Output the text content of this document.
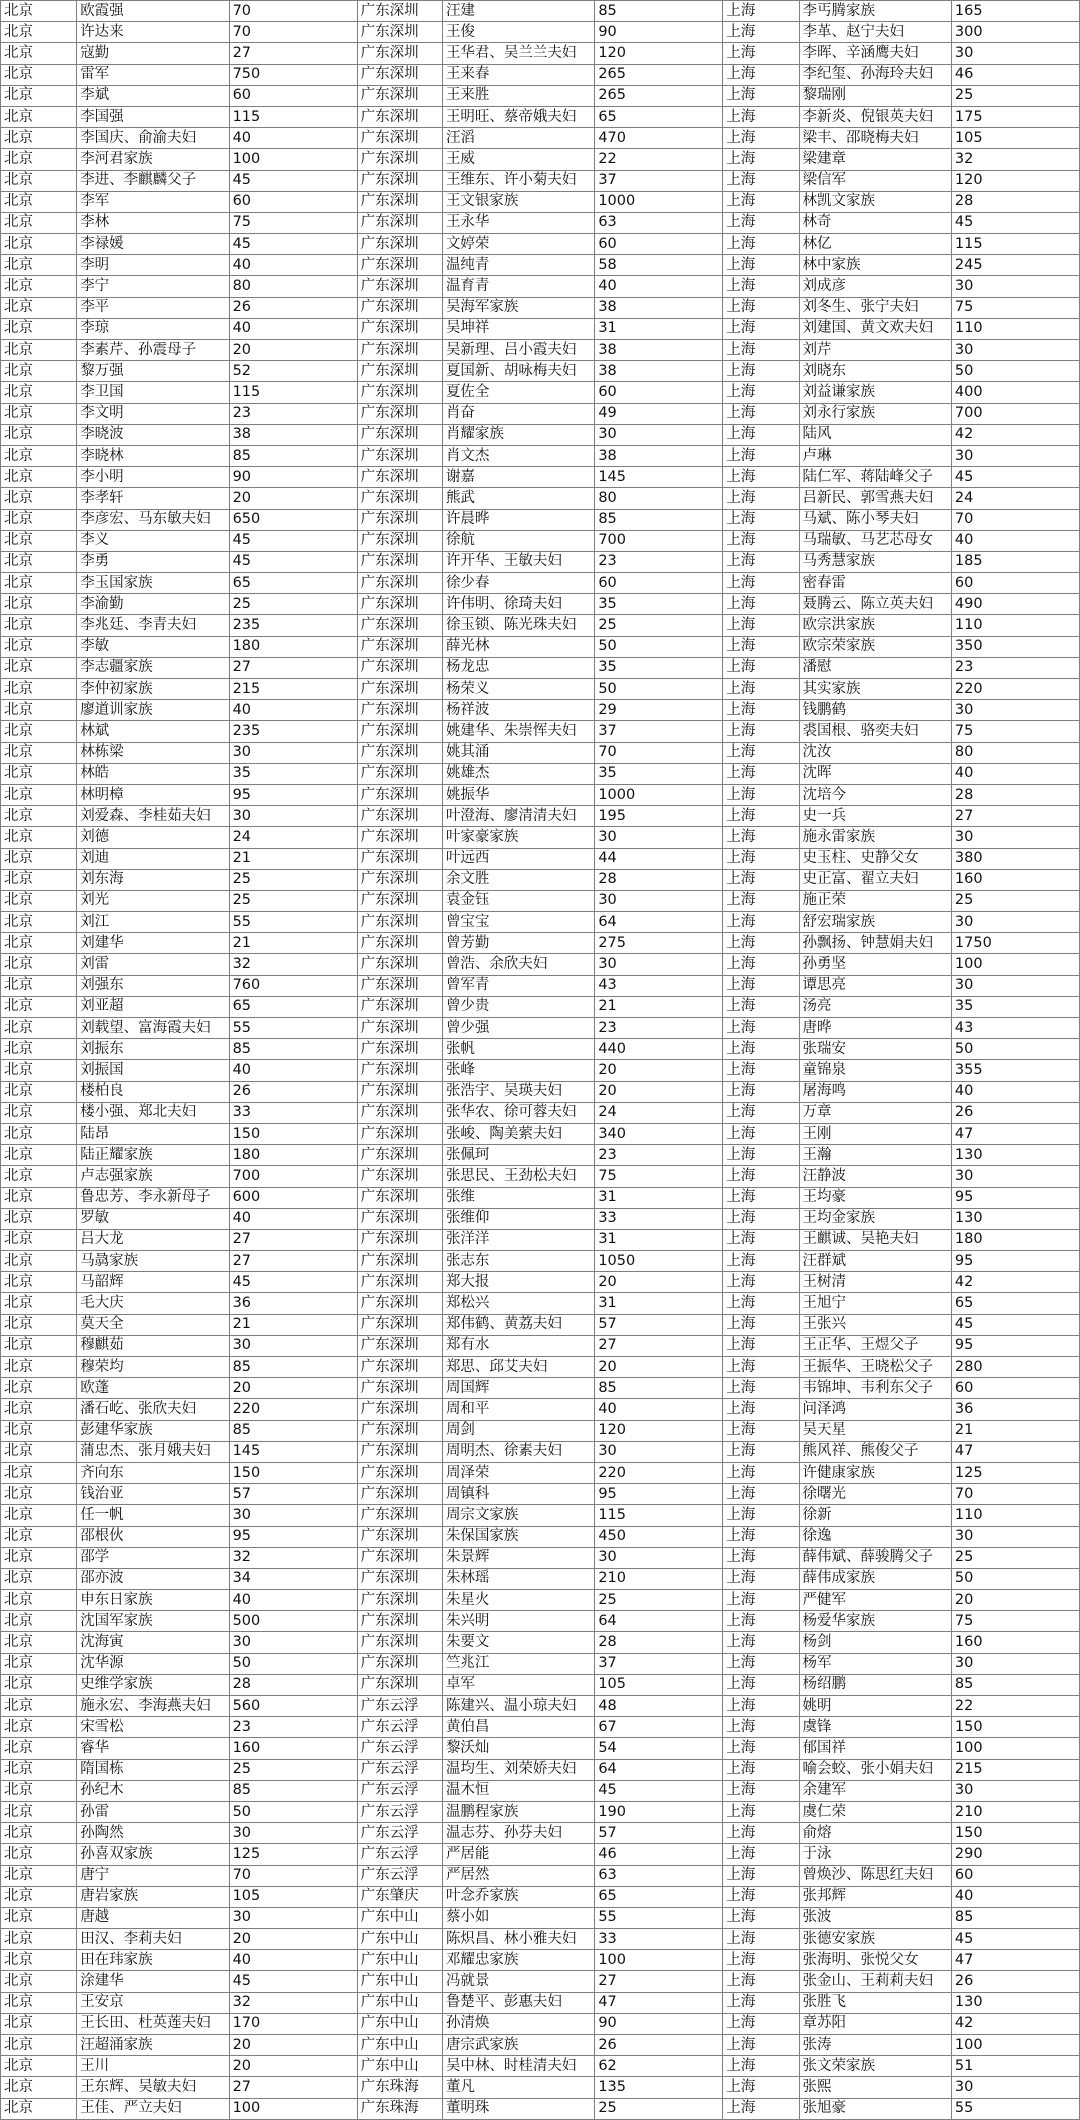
北京	欧霞强	70	广东深圳	汪建	85	上海	李丐腾家族	165
北京	许达来	70	广东深圳	王俊	90	上海	李革、赵宁夫妇	300
北京	寇勤	27	广东深圳	王华君、吴兰兰夫妇	120	上海	李晖、辛涵鹰夫妇	30
北京	雷军	750	广东深圳	王来春	265	上海	李纪玺、孙海玲夫妇	46
北京	李斌	60	广东深圳	王来胜	265	上海	黎瑞刚	25
北京	李国强	115	广东深圳	王明旺、蔡帝娥夫妇	65	上海	李新炎、倪银英夫妇	175
北京	李国庆、俞渝夫妇	40	广东深圳	汪滔	470	上海	梁丰、邵晓梅夫妇	105
北京	李河君家族	100	广东深圳	王威	22	上海	梁建章	32
北京	李进、李麒麟父子	45	广东深圳	王维东、许小菊夫妇	37	上海	梁信军	120
北京	李军	60	广东深圳	王文银家族	1000	上海	林凯文家族	28
北京	李林	75	广东深圳	王永华	63	上海	林奇	45
北京	李禄媛	45	广东深圳	文婷荣	60	上海	林亿	115
北京	李明	40	广东深圳	温纯青	58	上海	林中家族	245
北京	李宁	80	广东深圳	温育青	40	上海	刘成彦	30
北京	李平	26	广东深圳	吴海军家族	38	上海	刘冬生、张宁夫妇	75
北京	李琼	40	广东深圳	吴坤祥	31	上海	刘建国、黄文欢夫妇	110
北京	李素芹、孙震母子	20	广东深圳	吴新理、吕小霞夫妇	38	上海	刘芹	30
北京	黎万强	52	广东深圳	夏国新、胡咏梅夫妇	38	上海	刘晓东	50
北京	李卫国	115	广东深圳	夏佐全	60	上海	刘益谦家族	400
北京	李文明	23	广东深圳	肖奋	49	上海	刘永行家族	700
北京	李晓波	38	广东深圳	肖耀家族	30	上海	陆风	42
北京	李晓林	85	广东深圳	肖文杰	38	上海	卢琳	30
北京	李小明	90	广东深圳	谢嘉	145	上海	陆仁军、蒋陆峰父子	45
北京	李孝轩	20	广东深圳	熊武	80	上海	吕新民、郭雪燕夫妇	24
北京	李彦宏、马东敏夫妇	650	广东深圳	许晨晔	85	上海	马斌、陈小琴夫妇	70
北京	李义	45	广东深圳	徐航	700	上海	马瑞敏、马艺芯母女	40
北京	李勇	45	广东深圳	许开华、王敏夫妇	23	上海	马秀慧家族	185
北京	李玉国家族	65	广东深圳	徐少春	60	上海	密春雷	60
北京	李渝勤	25	广东深圳	许伟明、徐琦夫妇	35	上海	聂腾云、陈立英夫妇	490
北京	李兆廷、李青夫妇	235	广东深圳	徐玉锁、陈光珠夫妇	25	上海	欧宗洪家族	110
北京	李敏	180	广东深圳	薛光林	50	上海	欧宗荣家族	350
北京	李志疆家族	27	广东深圳	杨龙忠	35	上海	潘慰	23
北京	李仲初家族	215	广东深圳	杨荣义	50	上海	其实家族	220
北京	廖道训家族	40	广东深圳	杨祥波	29	上海	钱鹏鹤	30
北京	林斌	235	广东深圳	姚建华、朱崇恽夫妇	37	上海	裘国根、骆奕夫妇	75
北京	林栋梁	30	广东深圳	姚其涌	70	上海	沈汝	80
北京	林皓	35	广东深圳	姚雄杰	35	上海	沈晖	40
北京	林明樟	95	广东深圳	姚振华	1000	上海	沈培今	28
北京	刘爱森、李桂茹夫妇	30	广东深圳	叶澄海、廖清清夫妇	195	上海	史一兵	27
北京	刘德	24	广东深圳	叶家豪家族	30	上海	施永雷家族	30
北京	刘迪	21	广东深圳	叶远西	44	上海	史玉柱、史静父女	380
北京	刘东海	25	广东深圳	余文胜	28	上海	史正富、翟立夫妇	160
北京	刘光	25	广东深圳	袁金钰	30	上海	施正荣	25
北京	刘江	55	广东深圳	曾宝宝	64	上海	舒宏瑞家族	30
北京	刘建华	21	广东深圳	曾芳勤	275	上海	孙飘扬、钟慧娟夫妇	1750
北京	刘雷	32	广东深圳	曾浩、余欣夫妇	30	上海	孙勇坚	100
北京	刘强东	760	广东深圳	曾军青	43	上海	谭思亮	30
北京	刘亚超	65	广东深圳	曾少贵	21	上海	汤亮	35
北京	刘载望、富海霞夫妇	55	广东深圳	曾少强	23	上海	唐晔	43
北京	刘振东	85	广东深圳	张帆	440	上海	张瑞安	50
北京	刘振国	40	广东深圳	张峰	20	上海	童锦泉	355
北京	楼柏良	26	广东深圳	张浩宇、吴瑛夫妇	20	上海	屠海鸣	40
北京	楼小强、郑北夫妇	33	广东深圳	张华农、徐可蓉夫妇	24	上海	万章	26
北京	陆昂	150	广东深圳	张峻、陶美萦夫妇	340	上海	王刚	47
北京	陆正耀家族	180	广东深圳	张佩珂	23	上海	王瀚	130
北京	卢志强家族	700	广东深圳	张思民、王劲松夫妇	75	上海	汪静波	30
北京	鲁忠芳、李永新母子	600	广东深圳	张维	31	上海	王均豪	95
北京	罗敏	40	广东深圳	张维仰	33	上海	王均金家族	130
北京	吕大龙	27	广东深圳	张洋洋	31	上海	王麒诚、吴艳夫妇	180
北京	马骉家族	27	广东深圳	张志东	1050	上海	汪群斌	95
北京	马韶辉	45	广东深圳	郑大报	20	上海	王树清	42
北京	毛大庆	36	广东深圳	郑松兴	31	上海	王旭宁	65
北京	莫天全	21	广东深圳	郑伟鹤、黄荔夫妇	57	上海	王张兴	45
北京	穆麒茹	30	广东深圳	郑有水	27	上海	王正华、王煜父子	95
北京	穆荣均	85	广东深圳	郑思、邱艾夫妇	20	上海	王振华、王晓松父子	280
北京	欧蓬	20	广东深圳	周国辉	85	上海	韦锦坤、韦利东父子	60
北京	潘石屹、张欣夫妇	220	广东深圳	周和平	40	上海	问泽鸿	36
北京	彭建华家族	85	广东深圳	周剑	120	上海	吴天星	21
北京	蒲忠杰、张月娥夫妇	145	广东深圳	周明杰、徐素夫妇	30	上海	熊风祥、熊俊父子	47
北京	齐向东	150	广东深圳	周泽荣	220	上海	许健康家族	125
北京	钱治亚	57	广东深圳	周镇科	95	上海	徐曙光	70
北京	任一帆	30	广东深圳	周宗文家族	115	上海	徐新	110
北京	邵根伙	95	广东深圳	朱保国家族	450	上海	徐逸	30
北京	邵学	32	广东深圳	朱景辉	30	上海	薛伟斌、薛骏腾父子	25
北京	邵亦波	34	广东深圳	朱林瑶	210	上海	薛伟成家族	50
北京	申东日家族	40	广东深圳	朱星火	25	上海	严健军	20
北京	沈国军家族	500	广东深圳	朱兴明	64	上海	杨爱华家族	75
北京	沈海寅	30	广东深圳	朱要文	28	上海	杨剑	160
北京	沈华源	50	广东深圳	竺兆江	37	上海	杨军	30
北京	史维学家族	28	广东深圳	卓军	105	上海	杨绍鹏	85
北京	施永宏、李海燕夫妇	560	广东云浮	陈建兴、温小琼夫妇	48	上海	姚明	22
北京	宋雪松	23	广东云浮	黄伯昌	67	上海	虞锋	150
北京	睿华	160	广东云浮	黎沃灿	54	上海	郁国祥	100
北京	隋国栋	25	广东云浮	温均生、刘荣娇夫妇	64	上海	喻会蛟、张小娟夫妇	215
北京	孙纪木	85	广东云浮	温木恒	45	上海	余建军	30
北京	孙雷	50	广东云浮	温鹏程家族	190	上海	虞仁荣	210
北京	孙陶然	30	广东云浮	温志芬、孙芬夫妇	57	上海	俞熔	150
北京	孙喜双家族	125	广东云浮	严居能	46	上海	于泳	290
北京	唐宁	70	广东云浮	严居然	63	上海	曾焕沙、陈思红夫妇	60
北京	唐岩家族	105	广东肇庆	叶念乔家族	65	上海	张邦辉	40
北京	唐越	30	广东中山	蔡小如	55	上海	张波	85
北京	田汉、李莉夫妇	20	广东中山	陈炽昌、林小雅夫妇	33	上海	张德安家族	45
北京	田在玮家族	40	广东中山	邓耀忠家族	100	上海	张海明、张悦父女	47
北京	涂建华	45	广东中山	冯就景	27	上海	张金山、王莉莉夫妇	26
北京	王安京	32	广东中山	鲁楚平、彭惠夫妇	47	上海	张胜飞	130
北京	王长田、杜英莲夫妇	170	广东中山	孙清焕	90	上海	章苏阳	42
北京	汪超涌家族	20	广东中山	唐宗武家族	26	上海	张涛	100
北京	王川	20	广东中山	吴中林、时桂清夫妇	62	上海	张文荣家族	51
北京	王东辉、吴敏夫妇	27	广东珠海	董凡	135	上海	张熙	30
北京	王佳、严立夫妇	100	广东珠海	董明珠	25	上海	张旭豪	55
